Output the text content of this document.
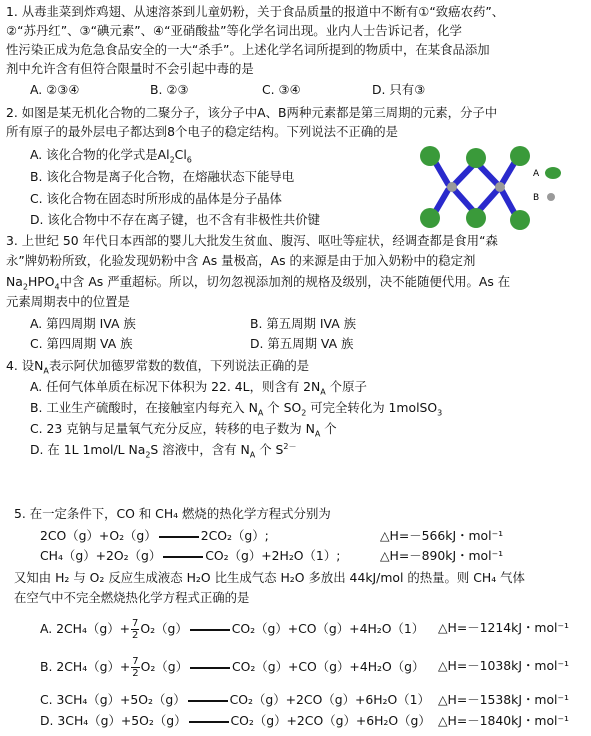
1. 从毒韭菜到炸鸡翅、从速溶茶到儿童奶粉，关于食品质量的报道中不断有①“致癌农药”、
②“苏丹红”、③“碘元素”、④“亚硝酸盐”等化学名词出现。业内人士告诉记者，化学
性污染正成为危急食品安全的一大“杀手”。上述化学名词所提到的物质中，在某食品添加
剂中允许含有但符合限量时不会引起中毒的是
A. ②③④	B. ②③	C. ③④	D. 只有③
2. 如图是某无机化合物的二聚分子，该分子中A、B两种元素都是第三周期的元素，分子中
所有原子的最外层电子都达到8个电子的稳定结构。下列说法不正确的是
A. 该化合物的化学式是$Al_2Cl_6$
B. 该化合物是离子化合物，在熔融状态下能导电
C. 该化合物在固态时所形成的晶体是分子晶体
D. 该化合物中不存在离子键，也不含有非极性共价键
A
B
3. 上世纪 50 年代日本西部的婴儿大批发生贫血、腹泻、呕吐等症状，经调查都是食用“森
永”牌奶粉所致，化验发现奶粉中含 As 量极高，As 的来源是由于加入奶粉中的稳定剂
$Na_2HPO_4$中含 As 严重超标。所以，切勿忽视添加剂的规格及级别，决不能随便代用。As 在
元素周期表中的位置是
A. 第四周期 IVA 族	B. 第五周期 IVA 族
C. 第四周期 VA 族	D. 第五周期 VA 族
4. 设$N_A$表示阿伏加德罗常数的数值，下列说法正确的是
A. 任何气体单质在标况下体积为 22. 4L，则含有 $2N_A$ 个原子
B. 工业生产硫酸时，在接触室内每充入 $N_A$ 个 $SO_2$ 可完全转化为 1molSO$_3$
C. 23 克钠与足量氧气充分反应，转移的电子数为 $N_A$ 个
D. 在 1L 1mol/L $Na_2S$ 溶液中，含有 $N_A$ 个 $S^{2-}$
5. 在一定条件下，CO 和 CH₄ 燃烧的热化学方程式分别为
2CO（g）+O₂（g）	2CO₂（g）;	△H=－566kJ・mol⁻¹
CH₄（g）+2O₂（g）	CO₂（g）+2H₂O（1）;	△H=－890kJ・mol⁻¹
又知由 H₂ 与 O₂ 反应生成液态 H₂O 比生成气态 H₂O 多放出 44kJ/mol 的热量。则 CH₄ 气体
在空气中不完全燃烧热化学方程式正确的是
A. $2CH_4(g)+ \frac{7}{2} O_2(g)$	CO₂（g）+CO（g）+4H₂O（1） △H=－1214kJ・mol⁻¹
B. $2CH_4(g)+ \frac{7}{2} O_2(g)$	CO₂（g）+CO（g）+4H₂O（g） △H=－1038kJ・mol⁻¹
C. 3CH₄（g）+5O₂（g）	CO₂（g）+2CO（g）+6H₂O（1） △H=－1538kJ・mol⁻¹
D. 3CH₄（g）+5O₂（g）	CO₂（g）+2CO（g）+6H₂O（g） △H=－1840kJ・mol⁻¹
